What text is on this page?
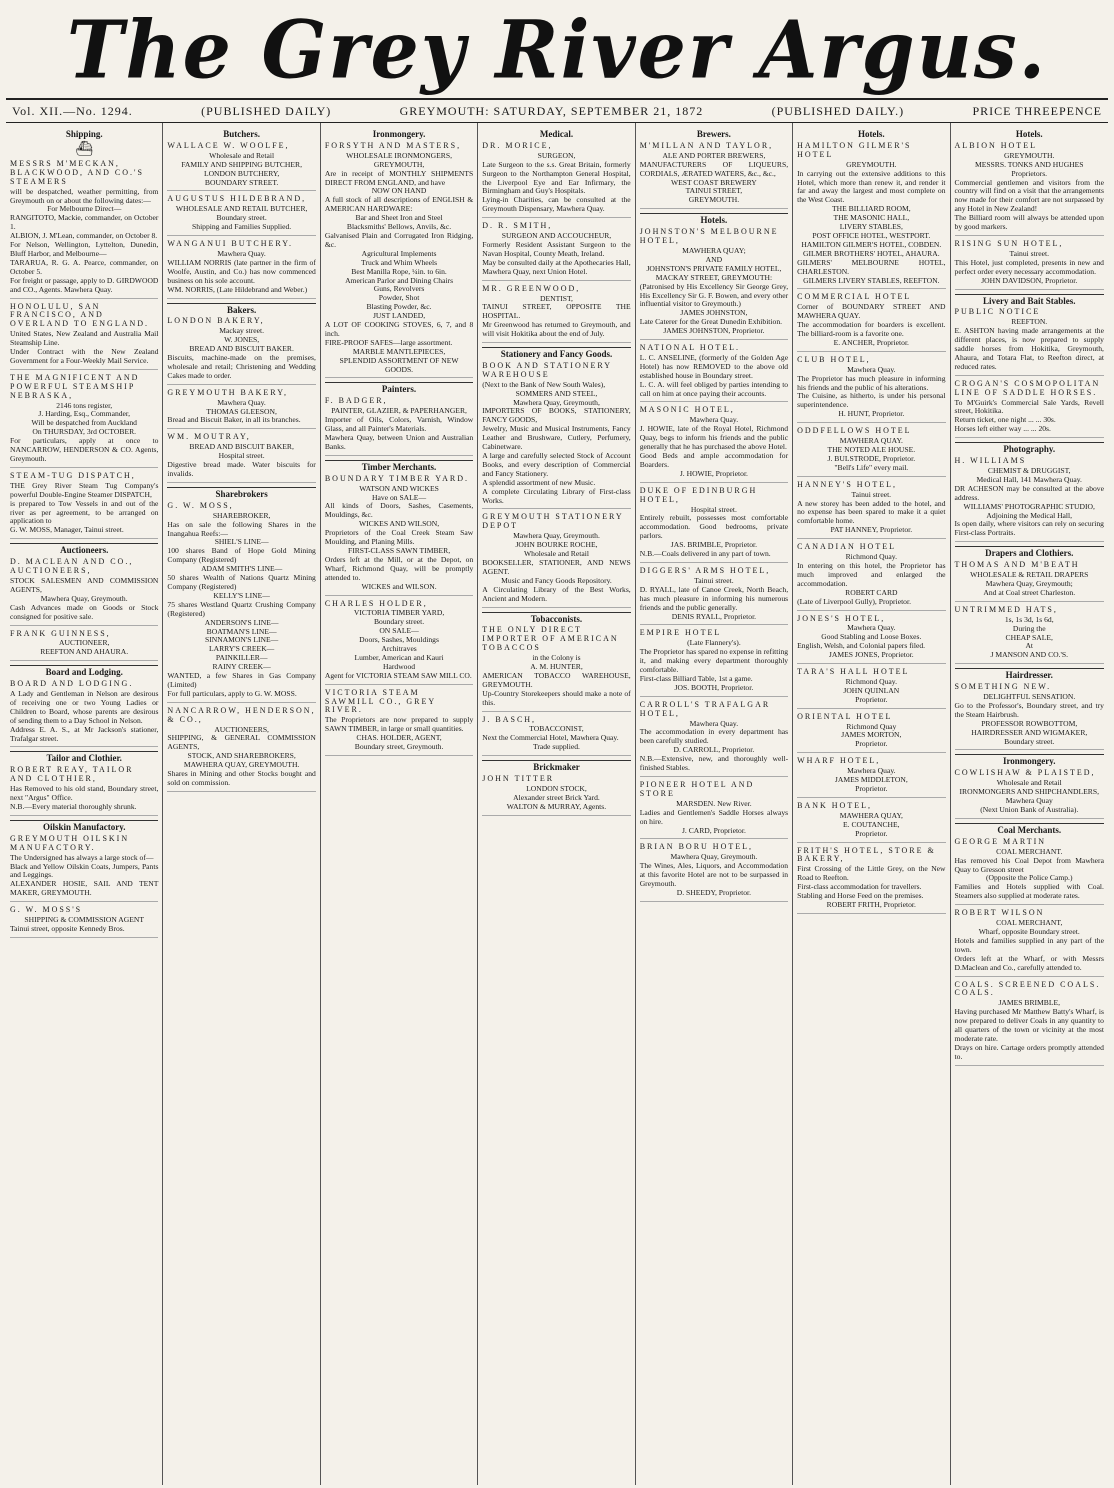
The Grey River Argus.
Vol. XII.—No. 1294.	(PUBLISHED DAILY)	GREYMOUTH: SATURDAY, SEPTEMBER 21, 1872	(PUBLISHED DAILY.)	PRICE THREEPENCE
Shipping.
⛴
MESSRS M'MECKAN, BLACKWOOD, AND CO.'S STEAMERS

will be despatched, weather permitting, from Greymouth on or about the following dates:—

For Melbourne Direct—

RANGITOTO, Mackie, commander, on October 1.

ALBION, J. M'Lean, commander, on October 8.

For Nelson, Wellington, Lyttelton, Dunedin, Bluff Harbor, and Melbourne—

TARARUA, R. G. A. Pearce, commander, on October 5.

For freight or passage, apply to D. GIRDWOOD and CO., Agents. Mawhera Quay.

HONOLULU, SAN FRANCISCO, AND OVERLAND TO ENGLAND.

United States, New Zealand and Australia Mail Steamship Line.

Under Contract with the New Zealand Government for a Four-Weekly Mail Service.

THE MAGNIFICENT AND POWERFUL STEAMSHIP NEBRASKA,

2146 tons register,

J. Harding, Esq., Commander,

Will be despatched from Auckland

On THURSDAY, 3rd OCTOBER.

For particulars, apply at once to NANCARROW, HENDERSON & CO. Agents, Greymouth.

STEAM-TUG DISPATCH,

THE Grey River Steam Tug Company's powerful Double-Engine Steamer DISPATCH,

is prepared to Tow Vessels in and out of the river as per agreement, to be arranged on application to

G. W. MOSS, Manager, Tainui street.

Auctioneers.
D. MACLEAN AND CO., AUCTIONEERS,

STOCK SALESMEN AND COMMISSION AGENTS,

Mawhera Quay, Greymouth.

Cash Advances made on Goods or Stock consigned for positive sale.

FRANK GUINNESS,

AUCTIONEER,

REEFTON AND AHAURA.

Board and Lodging.
BOARD AND LODGING.

A Lady and Gentleman in Nelson are desirous of receiving one or two Young Ladies or Children to Board, whose parents are desirous of sending them to a Day School in Nelson.

Address E. A. S., at Mr Jackson's stationer, Trafalgar street.

Tailor and Clothier.
ROBERT REAY, TAILOR AND CLOTHIER,

Has Removed to his old stand, Boundary street, next "Argus" Office.

N.B.—Every material thoroughly shrunk.

Oilskin Manufactory.
GREYMOUTH OILSKIN MANUFACTORY.

The Undersigned has always a large stock of—

Black and Yellow Oilskin Coats, Jumpers, Pants and Leggings.

ALEXANDER HOSIE, SAIL AND TENT MAKER, GREYMOUTH.

G. W. MOSS'S

SHIPPING & COMMISSION AGENT

Tainui street, opposite Kennedy Bros.

Butchers.
WALLACE W. WOOLFE,

Wholesale and Retail

FAMILY AND SHIPPING BUTCHER,

LONDON BUTCHERY,

BOUNDARY STREET.

AUGUSTUS HILDEBRAND,

WHOLESALE AND RETAIL BUTCHER,

Boundary street.

Shipping and Families Supplied.

WANGANUI BUTCHERY.

Mawhera Quay.

WILLIAM NORRIS (late partner in the firm of Woolfe, Austin, and Co.) has now commenced business on his sole account.

WM. NORRIS, (Late Hildebrand and Weber.)

Bakers.
LONDON BAKERY,

Mackay street.

W. JONES,

BREAD AND BISCUIT BAKER.

Biscuits, machine-made on the premises, wholesale and retail; Christening and Wedding Cakes made to order.

GREYMOUTH BAKERY,

Mawhera Quay.

THOMAS GLEESON,

Bread and Biscuit Baker, in all its branches.

WM. MOUTRAY,

BREAD AND BISCUIT BAKER,

Hospital street.

Digestive bread made. Water biscuits for invalids.

Sharebrokers
G. W. MOSS,

SHAREBROKER,

Has on sale the following Shares in the Inangahua Reefs:—

SHIEL'S LINE—

100 shares Band of Hope Gold Mining Company (Registered)

ADAM SMITH'S LINE—

50 shares Wealth of Nations Quartz Mining Company (Registered)

KELLY'S LINE—

75 shares Westland Quartz Crushing Company (Registered)

ANDERSON'S LINE—

BOATMAN'S LINE—

SINNAMON'S LINE—

LARRY'S CREEK—

PAINKILLER—

RAINY CREEK—

WANTED, a few Shares in Gas Company (Limited)

For full particulars, apply to G. W. MOSS.

NANCARROW, HENDERSON, & CO.,

AUCTIONEERS,

SHIPPING, & GENERAL COMMISSION AGENTS,

STOCK, AND SHAREBROKERS,

MAWHERA QUAY, GREYMOUTH.

Shares in Mining and other Stocks bought and sold on commission.

Ironmongery.
FORSYTH AND MASTERS,

WHOLESALE IRONMONGERS,

GREYMOUTH,

Are in receipt of MONTHLY SHIPMENTS DIRECT FROM ENGLAND, and have

NOW ON HAND

A full stock of all descriptions of ENGLISH & AMERICAN HARDWARE:

Bar and Sheet Iron and Steel

Blacksmiths' Bellows, Anvils, &c.

Galvanised Plain and Corrugated Iron Ridging, &c.

Agricultural Implements

Truck and Whim Wheels

Best Manilla Rope, ¼in. to 6in.

American Parlor and Dining Chairs

Guns, Revolvers

Powder, Shot

Blasting Powder, &c.

JUST LANDED,

A LOT OF COOKING STOVES, 6, 7, and 8 inch.

FIRE-PROOF SAFES—large assortment.

MARBLE MANTLEPIECES,

SPLENDID ASSORTMENT OF NEW GOODS.

Painters.
F. BADGER,

PAINTER, GLAZIER, & PAPERHANGER,

Importer of Oils, Colors, Varnish, Window Glass, and all Painter's Materials.

Mawhera Quay, between Union and Australian Banks.

Timber Merchants.
BOUNDARY TIMBER YARD.

WATSON AND WICKES

Have on SALE—

All kinds of Doors, Sashes, Casements, Mouldings, &c.

WICKES AND WILSON,

Proprietors of the Coal Creek Steam Saw Moulding, and Planing Mills.

FIRST-CLASS SAWN TIMBER,

Orders left at the Mill, or at the Depot, on Wharf, Richmond Quay, will be promptly attended to.

WICKES and WILSON.

CHARLES HOLDER,

VICTORIA TIMBER YARD,

Boundary street.

ON SALE—

Doors, Sashes, Mouldings

Architraves

Lumber, American and Kauri

Hardwood

Agent for VICTORIA STEAM SAW MILL CO.

VICTORIA STEAM SAWMILL CO., GREY RIVER.

The Proprietors are now prepared to supply SAWN TIMBER, in large or small quantities.

CHAS. HOLDER, AGENT,

Boundary street, Greymouth.

Medical.
DR. MORICE,

SURGEON,

Late Surgeon to the s.s. Great Britain, formerly Surgeon to the Northampton General Hospital, the Liverpool Eye and Ear Infirmary, the Birmingham and Guy's Hospitals.

Lying-in Charities, can be consulted at the Greymouth Dispensary, Mawhera Quay.

D. R. SMITH,

SURGEON AND ACCOUCHEUR,

Formerly Resident Assistant Surgeon to the Navan Hospital, County Meath, Ireland.

May be consulted daily at the Apothecaries Hall, Mawhera Quay, next Union Hotel.

MR. GREENWOOD,

DENTIST,

TAINUI STREET, OPPOSITE THE HOSPITAL.

Mr Greenwood has returned to Greymouth, and will visit Hokitika about the end of July.

Stationery and Fancy Goods.
BOOK AND STATIONERY WAREHOUSE

(Next to the Bank of New South Wales),

SOMMERS AND STEEL,

Mawhera Quay, Greymouth,

IMPORTERS OF BOOKS, STATIONERY, FANCY GOODS,

Jewelry, Music and Musical Instruments, Fancy Leather and Brushware, Cutlery, Perfumery, Cabinetware.

A large and carefully selected Stock of Account Books, and every description of Commercial and Fancy Stationery.

A splendid assortment of new Music.

A complete Circulating Library of First-class Works.

GREYMOUTH STATIONERY DEPOT

Mawhera Quay, Greymouth.

JOHN BOURKE ROCHE,

Wholesale and Retail

BOOKSELLER, STATIONER, AND NEWS AGENT.

Music and Fancy Goods Repository.

A Circulating Library of the Best Works, Ancient and Modern.

Tobacconists.
THE ONLY DIRECT IMPORTER OF AMERICAN TOBACCOS

in the Colony is

A. M. HUNTER,

AMERICAN TOBACCO WAREHOUSE, GREYMOUTH.

Up-Country Storekeepers should make a note of this.

J. BASCH,

TOBACCONIST,

Next the Commercial Hotel, Mawhera Quay.

Trade supplied.

Brickmaker
JOHN TITTER

LONDON STOCK,

Alexander street Brick Yard.

WALTON & MURRAY, Agents.

Brewers.
M'MILLAN AND TAYLOR,

ALE AND PORTER BREWERS,

MANUFACTURERS OF LIQUEURS, CORDIALS, ÆRATED WATERS, &c., &c.,

WEST COAST BREWERY

TAINUI STREET,

GREYMOUTH.

Hotels.
JOHNSTON'S MELBOURNE HOTEL,

MAWHERA QUAY;

AND

JOHNSTON'S PRIVATE FAMILY HOTEL,

MACKAY STREET, GREYMOUTH:

(Patronised by His Excellency Sir George Grey, His Excellency Sir G. F. Bowen, and every other influential visitor to Greymouth.)

JAMES JOHNSTON,

Late Caterer for the Great Dunedin Exhibition.

JAMES JOHNSTON, Proprietor.

NATIONAL HOTEL.

L. C. ANSELINE, (formerly of the Golden Age Hotel) has now REMOVED to the above old established house in Boundary street.

L. C. A. will feel obliged by parties intending to call on him at once paying their accounts.

MASONIC HOTEL,

Mawhera Quay.

J. HOWIE, late of the Royal Hotel, Richmond Quay, begs to inform his friends and the public generally that he has purchased the above Hotel.

Good Beds and ample accommodation for Boarders.

J. HOWIE, Proprietor.

DUKE OF EDINBURGH HOTEL,

Hospital street.

Entirely rebuilt, possesses most comfortable accommodation. Good bedrooms, private parlors.

JAS. BRIMBLE, Proprietor.

N.B.—Coals delivered in any part of town.

DIGGERS' ARMS HOTEL,

Tainui street.

D. RYALL, late of Canoe Creek, North Beach, has much pleasure in informing his numerous friends and the public generally.

DENIS RYALL, Proprietor.

EMPIRE HOTEL

(Late Flannery's).

The Proprietor has spared no expense in refitting it, and making every department thoroughly comfortable.

First-class Billiard Table, 1st a game.

JOS. BOOTH, Proprietor.

CARROLL'S TRAFALGAR HOTEL,

Mawhera Quay.

The accommodation in every department has been carefully studied.

D. CARROLL, Proprietor.

N.B.—Extensive, new, and thoroughly well-finished Stables.

PIONEER HOTEL AND STORE

MARSDEN. New River.

Ladies and Gentlemen's Saddle Horses always on hire.

J. CARD, Proprietor.

BRIAN BORU HOTEL,

Mawhera Quay, Greymouth.

The Wines, Ales, Liquors, and Accommodation at this favorite Hotel are not to be surpassed in Greymouth.

D. SHEEDY, Proprietor.

Hotels.
HAMILTON GILMER'S HOTEL

GREYMOUTH.

In carrying out the extensive additions to this Hotel, which more than renew it, and render it far and away the largest and most complete on the West Coast.

THE BILLIARD ROOM,

THE MASONIC HALL,

LIVERY STABLES,

POST OFFICE HOTEL, WESTPORT.

HAMILTON GILMER'S HOTEL, COBDEN.

GILMER BROTHERS' HOTEL, AHAURA.

GILMERS' MELBOURNE HOTEL, CHARLESTON.

GILMERS LIVERY STABLES, REEFTON.

COMMERCIAL HOTEL

Corner of BOUNDARY STREET AND MAWHERA QUAY.

The accommodation for boarders is excellent. The billiard-room is a favorite one.

E. ANCHER, Proprietor.

CLUB HOTEL,

Mawhera Quay.

The Proprietor has much pleasure in informing his friends and the public of his alterations.

The Cuisine, as hitherto, is under his personal superintendence.

H. HUNT, Proprietor.

ODDFELLOWS HOTEL

MAWHERA QUAY.

THE NOTED ALE HOUSE.

J. BULSTRODE, Proprietor.

"Bell's Life" every mail.

HANNEY'S HOTEL,

Tainui street.

A new storey has been added to the hotel, and no expense has been spared to make it a quiet comfortable home.

PAT HANNEY, Proprietor.

CANADIAN HOTEL

Richmond Quay.

In entering on this hotel, the Proprietor has much improved and enlarged the accommodation.

ROBERT CARD

(Late of Liverpool Gully), Proprietor.

JONES'S HOTEL,

Mawhera Quay.

Good Stabling and Loose Boxes.

English, Welsh, and Colonial papers filed.

JAMES JONES, Proprietor.

TARA'S HALL HOTEL

Richmond Quay.

JOHN QUINLAN

Proprietor.

ORIENTAL HOTEL

Richmond Quay

JAMES MORTON,

Proprietor.

WHARF HOTEL,

Mawhera Quay.

JAMES MIDDLETON,

Proprietor.

BANK HOTEL,

MAWHERA QUAY,

E. COUTANCHE,

Proprietor.

FRITH'S HOTEL, STORE & BAKERY,

First Crossing of the Little Grey, on the New Road to Reefton.

First-class accommodation for travellers.

Stabling and Horse Feed on the premises.

ROBERT FRITH, Proprietor.

Hotels.
ALBION HOTEL

GREYMOUTH.

MESSRS. TONKS AND HUGHES

Proprietors.

Commercial gentlemen and visitors from the country will find on a visit that the arrangements now made for their comfort are not surpassed by any Hotel in New Zealand!

The Billiard room will always be attended upon by good markers.

RISING SUN HOTEL,

Tainui street.

This Hotel, just completed, presents in new and perfect order every necessary accommodation.

JOHN DAVIDSON, Proprietor.

Livery and Bait Stables.
PUBLIC NOTICE

REEFTON.

E. ASHTON having made arrangements at the different places, is now prepared to supply saddle horses from Hokitika, Greymouth, Ahaura, and Totara Flat, to Reefton direct, at reduced rates.

CROGAN'S COSMOPOLITAN LINE OF SADDLE HORSES.

To M'Guirk's Commercial Sale Yards, Revell street, Hokitika.

Return ticket, one night ... ... 30s.

Horses left either way ... ... 20s.

Photography.
H. WILLIAMS

CHEMIST & DRUGGIST,

Medical Hall, 141 Mawhera Quay.

DR ACHESON may be consulted at the above address.

WILLIAMS' PHOTOGRAPHIC STUDIO,

Adjoining the Medical Hall,

Is open daily, where visitors can rely on securing First-class Portraits.

Drapers and Clothiers.
THOMAS AND M'BEATH

WHOLESALE & RETAIL DRAPERS

Mawhera Quay, Greymouth;

And at Coal street Charleston.

UNTRIMMED HATS,

1s, 1s 3d, 1s 6d,

During the

CHEAP SALE,

At

J MANSON AND CO.'S.

Hairdresser.
SOMETHING NEW.

DELIGHTFUL SENSATION.

Go to the Professor's, Boundary street, and try the Steam Hairbrush.

PROFESSOR ROWBOTTOM,

HAIRDRESSER AND WIGMAKER,

Boundary street.

Ironmongery.
COWLISHAW & PLAISTED,

Wholesale and Retail

IRONMONGERS AND SHIPCHANDLERS,

Mawhera Quay

(Next Union Bank of Australia).

Coal Merchants.
GEORGE MARTIN

COAL MERCHANT.

Has removed his Coal Depot from Mawhera Quay to Gresson street

(Opposite the Police Camp.)

Families and Hotels supplied with Coal. Steamers also supplied at moderate rates.

ROBERT WILSON

COAL MERCHANT,

Wharf, opposite Boundary street.

Hotels and families supplied in any part of the town.

Orders left at the Wharf, or with Messrs D.Maclean and Co., carefully attended to.

COALS. SCREENED COALS. COALS.

JAMES BRIMBLE,

Having purchased Mr Matthew Batty's Wharf, is now prepared to deliver Coals in any quantity to all quarters of the town or vicinity at the most moderate rate.

Drays on hire. Cartage orders promptly attended to.
